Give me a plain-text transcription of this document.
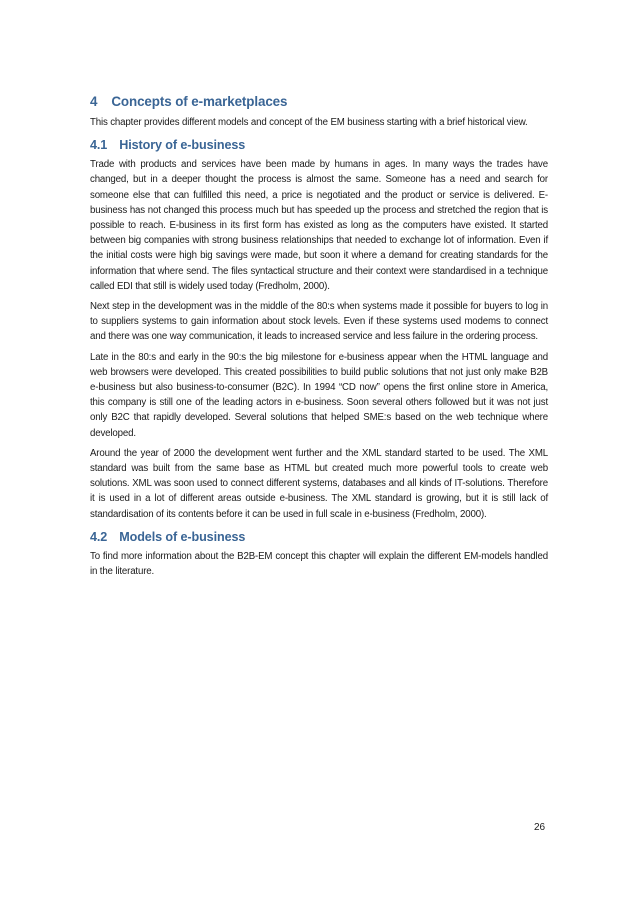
4 Concepts of e-marketplaces

This chapter provides different models and concept of the EM business starting with a brief historical view.

4.1 History of e-business

Trade with products and services have been made by humans in ages. In many ways the trades have changed, but in a deeper thought the process is almost the same. Someone has a need and search for someone else that can fulfilled this need, a price is negotiated and the product or service is delivered. E-business has not changed this process much but has speeded up the process and stretched the region that is possible to reach. E-business in its first form has existed as long as the computers have existed. It started between big companies with strong business relationships that needed to exchange lot of information. Even if the initial costs were high big savings were made, but soon it where a demand for creating standards for the information that where send. The files syntactical structure and their context were standardised in a technique called EDI that still is widely used today (Fredholm, 2000).

Next step in the development was in the middle of the 80:s when systems made it possible for buyers to log in to suppliers systems to gain information about stock levels. Even if these systems used modems to connect and there was one way communication, it leads to increased service and less failure in the ordering process.

Late in the 80:s and early in the 90:s the big milestone for e-business appear when the HTML language and web browsers were developed. This created possibilities to build public solutions that not just only make B2B e-business but also business-to-consumer (B2C). In 1994 “CD now” opens the first online store in America, this company is still one of the leading actors in e-business. Soon several others followed but it was not just only B2C that rapidly developed. Several solutions that helped SME:s based on the web technique where developed.

Around the year of 2000 the development went further and the XML standard started to be used. The XML standard was built from the same base as HTML but created much more powerful tools to create web solutions. XML was soon used to connect different systems, databases and all kinds of IT-solutions. Therefore it is used in a lot of different areas outside e-business. The XML standard is growing, but it is still lack of standardisation of its contents before it can be used in full scale in e-business (Fredholm, 2000).

4.2 Models of e-business

To find more information about the B2B-EM concept this chapter will explain the different EM-models handled in the literature.

26
